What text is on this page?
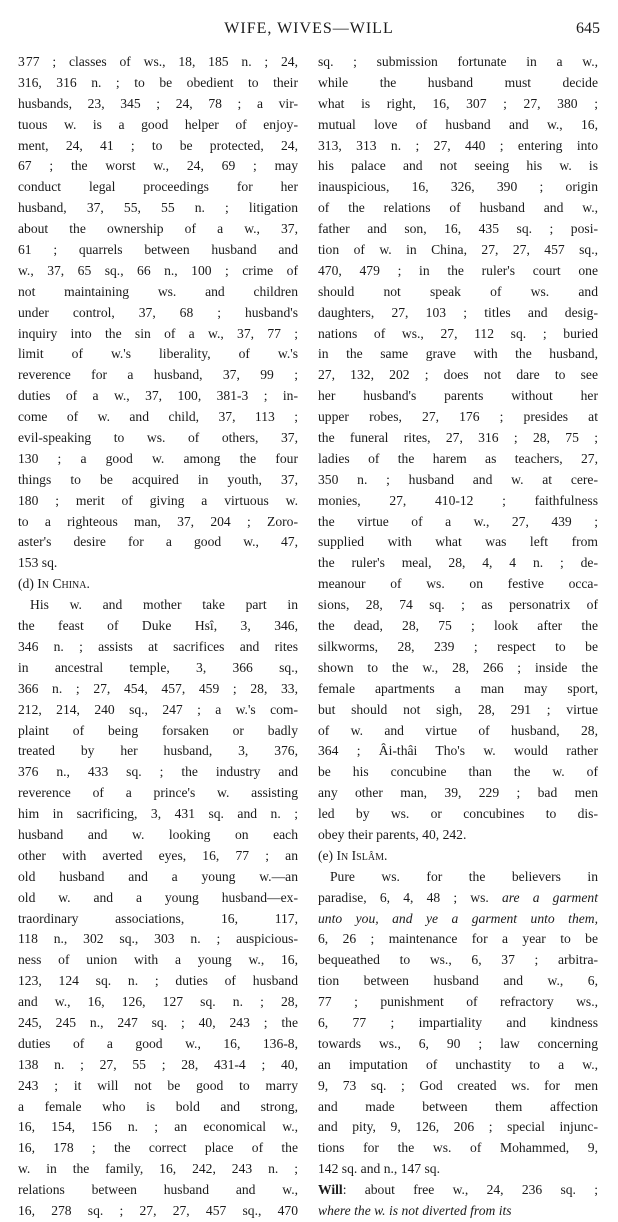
WIFE, WIVES—WILL	645
3 77 ; classes of ws., 18, 185 n. ; 24,
316, 316 n. ; to be obedient to their
husbands, 23, 345 ; 24, 78 ; a vir-
tuous w. is a good helper of enjoy-
ment, 24, 41 ; to be protected, 24,
67 ; the worst w., 24, 69 ; may
conduct legal proceedings for her
husband, 37, 55, 55 n. ; litigation
about the ownership of a w., 37,
61 ; quarrels between husband and
w., 37, 65 sq., 66 n., 100 ; crime of
not maintaining ws. and children
under control, 37, 68 ; husband's
inquiry into the sin of a w., 37, 77 ;
limit of w.'s liberality, of w.'s
reverence for a husband, 37, 99 ;
duties of a w., 37, 100, 381-3 ; in-
come of w. and child, 37, 113 ;
evil-speaking to ws. of others, 37,
130 ; a good w. among the four
things to be acquired in youth, 37,
180 ; merit of giving a virtuous w.
to a righteous man, 37, 204 ; Zoro-
aster's desire for a good w., 47,
153 sq.
(d) In China.
His w. and mother take part in
the feast of Duke Hsî, 3, 346,
346 n. ; assists at sacrifices and rites
in ancestral temple, 3, 366 sq.,
366 n. ; 27, 454, 457, 459 ; 28, 33,
212, 214, 240 sq., 247 ; a w.'s com-
plaint of being forsaken or badly
treated by her husband, 3, 376,
376 n., 433 sq. ; the industry and
reverence of a prince's w. assisting
him in sacrificing, 3, 431 sq. and n. ;
husband and w. looking on each
other with averted eyes, 16, 77 ; an
old husband and a young w.—an
old w. and a young husband—ex-
traordinary associations, 16, 117,
118 n., 302 sq., 303 n. ; auspicious-
ness of union with a young w., 16,
123, 124 sq. n. ; duties of husband
and w., 16, 126, 127 sq. n. ; 28,
245, 245 n., 247 sq. ; 40, 243 ; the
duties of a good w., 16, 136-8,
138 n. ; 27, 55 ; 28, 431-4 ; 40,
243 ; it will not be good to marry
a female who is bold and strong,
16, 154, 156 n. ; an economical w.,
16, 178 ; the correct place of the
w. in the family, 16, 242, 243 n. ;
relations between husband and w.,
16, 278 sq. ; 27, 27, 457 sq., 470
sq. ; submission fortunate in a w.,
while the husband must decide
what is right, 16, 307 ; 27, 380 ;
mutual love of husband and w., 16,
313, 313 n. ; 27, 440 ; entering into
his palace and not seeing his w. is
inauspicious, 16, 326, 390 ; origin
of the relations of husband and w.,
father and son, 16, 435 sq. ; posi-
tion of w. in China, 27, 27, 457 sq.,
470, 479 ; in the ruler's court one
should not speak of ws. and
daughters, 27, 103 ; titles and desig-
nations of ws., 27, 112 sq. ; buried
in the same grave with the husband,
27, 132, 202 ; does not dare to see
her husband's parents without her
upper robes, 27, 176 ; presides at
the funeral rites, 27, 316 ; 28, 75 ;
ladies of the harem as teachers, 27,
350 n. ; husband and w. at cere-
monies, 27, 410-12 ; faithfulness
the virtue of a w., 27, 439 ;
supplied with what was left from
the ruler's meal, 28, 4, 4 n. ; de-
meanour of ws. on festive occa-
sions, 28, 74 sq. ; as personatrix of
the dead, 28, 75 ; look after the
silkworms, 28, 239 ; respect to be
shown to the w., 28, 266 ; inside the
female apartments a man may sport,
but should not sigh, 28, 291 ; virtue
of w. and virtue of husband, 28,
364 ; Âi-thâi Tho's w. would rather
be his concubine than the w. of
any other man, 39, 229 ; bad men
led by ws. or concubines to dis-
obey their parents, 40, 242.
(e) In Islâm.
Pure ws. for the believers in
paradise, 6, 4, 48 ; ws. are a garment
unto you, and ye a garment unto them,
6, 26 ; maintenance for a year to be
bequeathed to ws., 6, 37 ; arbitra-
tion between husband and w., 6,
77 ; punishment of refractory ws.,
6, 77 ; impartiality and kindness
towards ws., 6, 90 ; law concerning
an imputation of unchastity to a w.,
9, 73 sq. ; God created ws. for men
and made between them affection
and pity, 9, 126, 206 ; special injunc-
tions for the ws. of Mohammed, 9,
142 sq. and n., 147 sq.
Will: about free w., 24, 236 sq. ;
where the w. is not diverted from its
